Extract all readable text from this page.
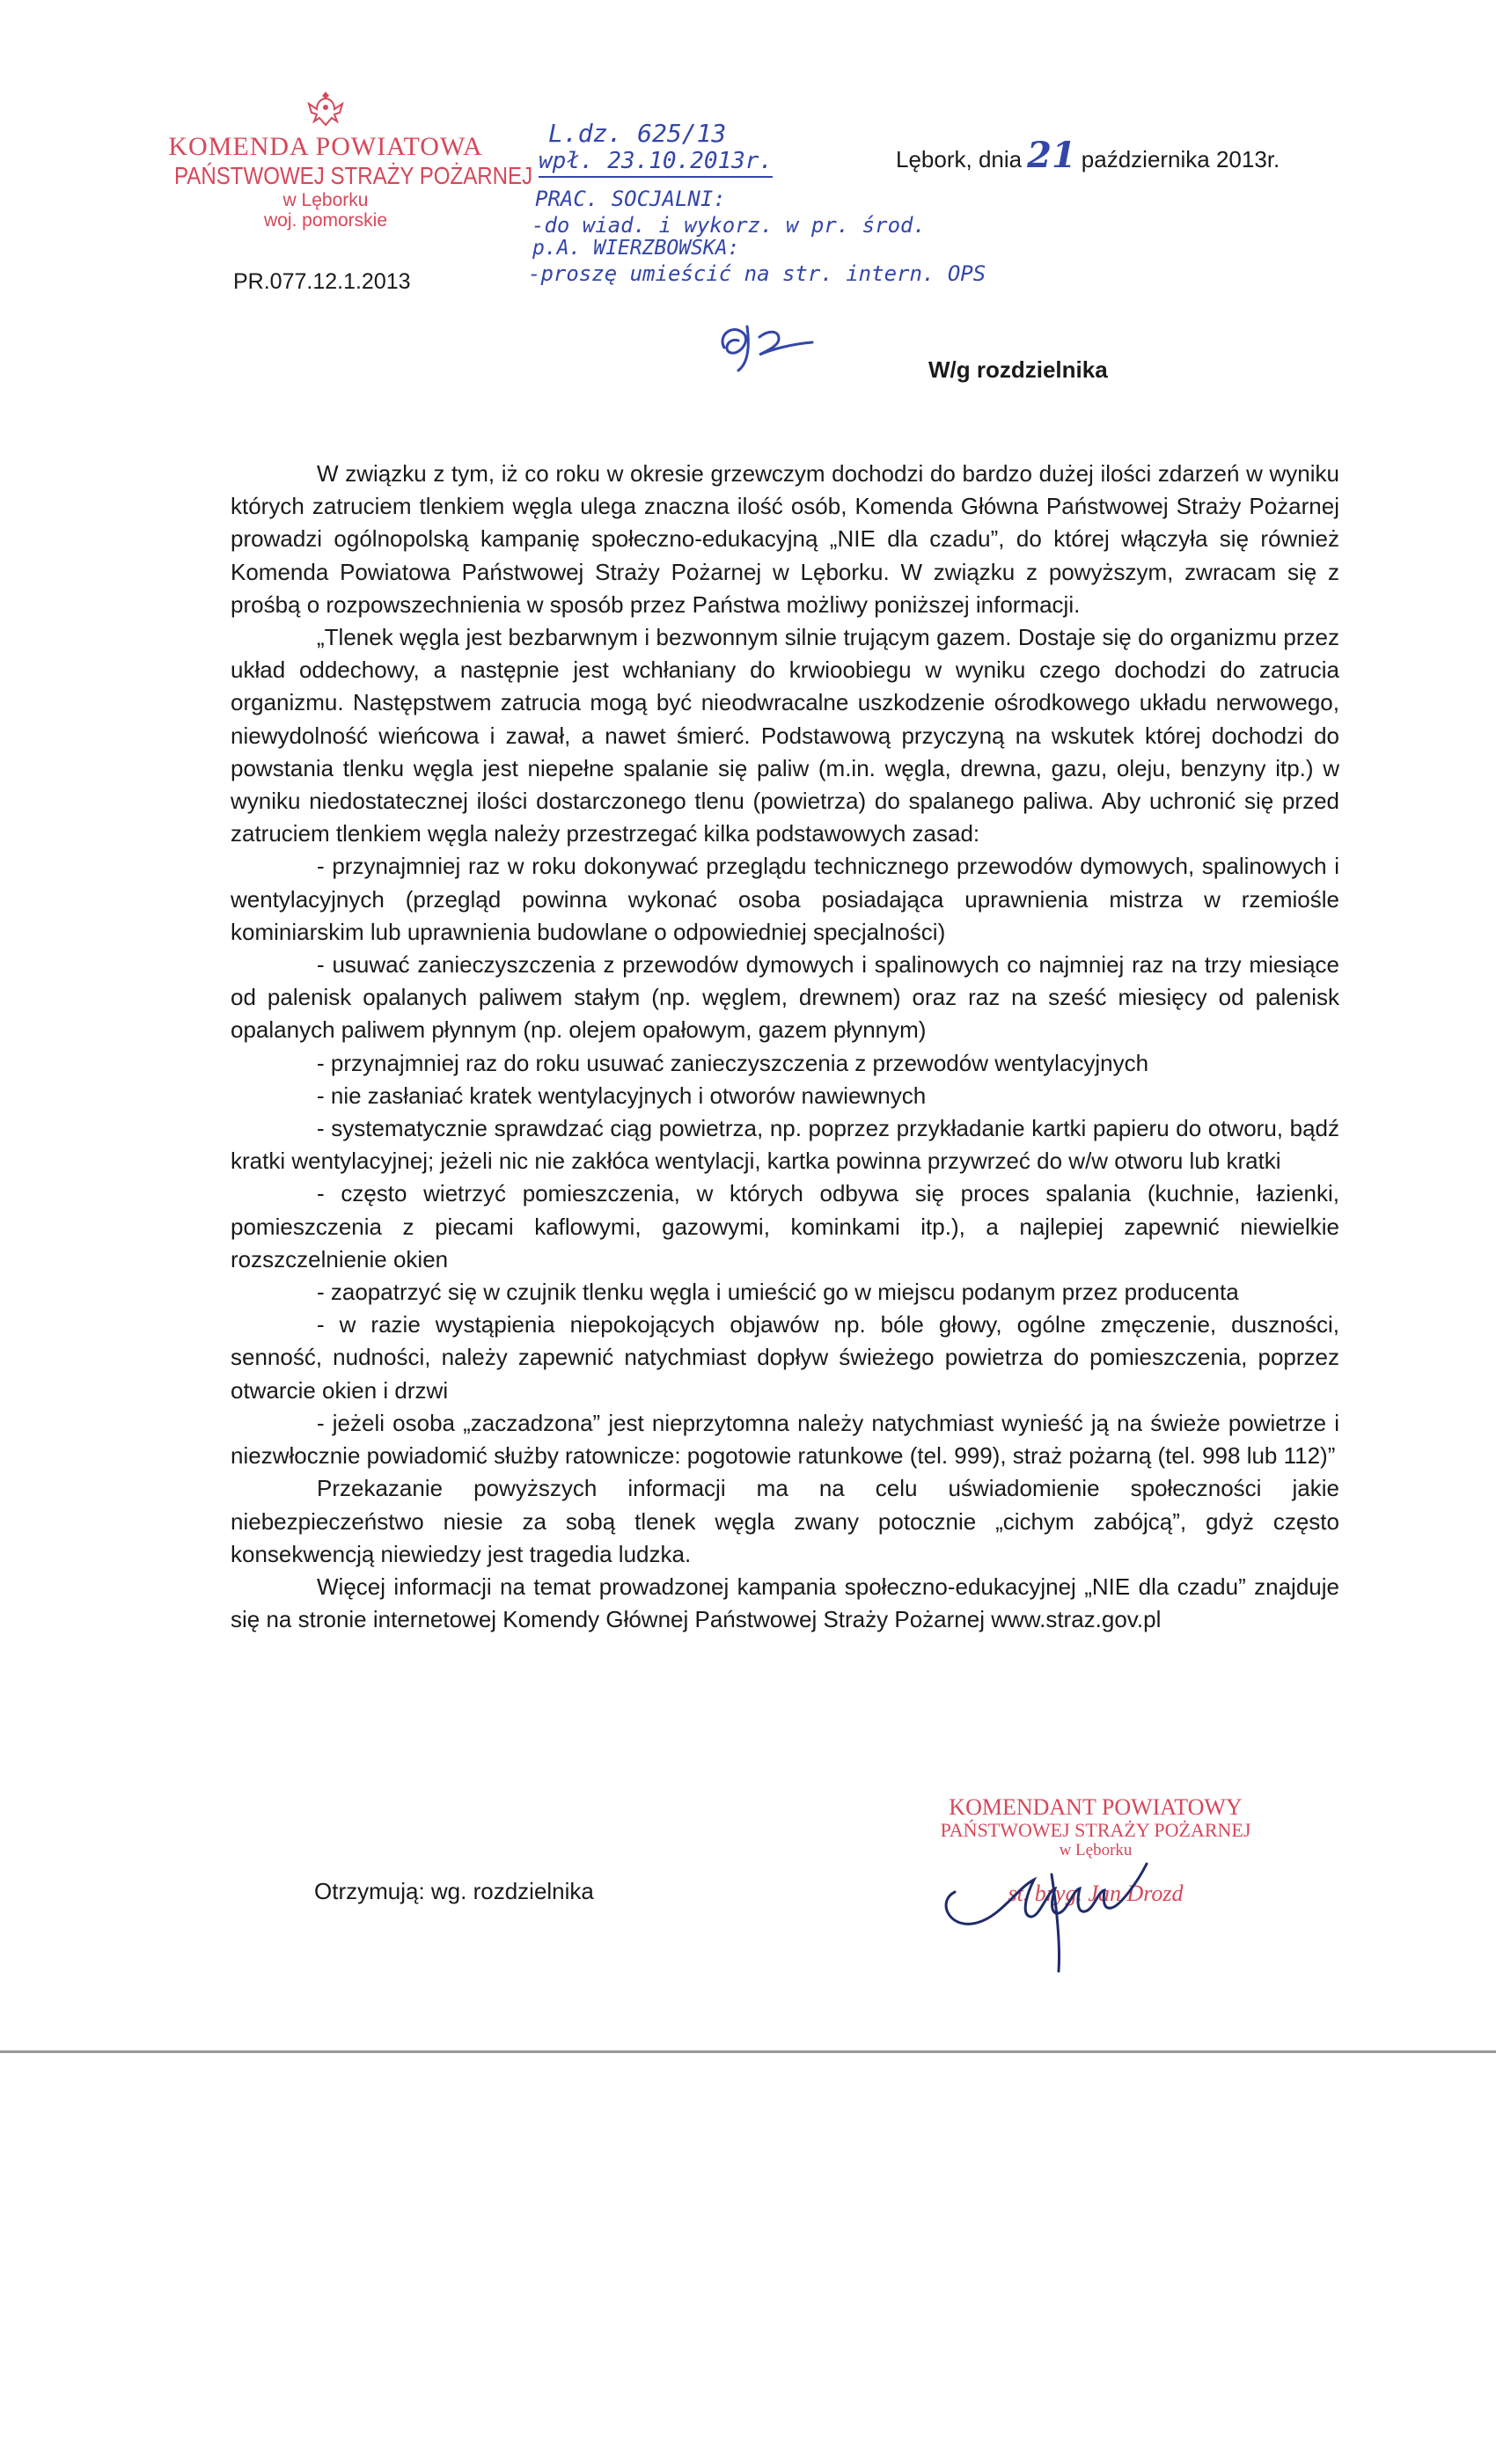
KOMENDA POWIATOWA
PAŃSTWOWEJ STRAŻY POŻARNEJ
w Lęborku
woj. pomorskie
PR.077.12.1.2013
Lębork, dnia 21 października 2013r.
L.dz. 625/13
wpł. 23.10.2013r.
PRAC. SOCJALNI:
-do wiad. i wykorz. w pr. środ.
p.A. WIERZBOWSKA:
-proszę umieścić na str. intern. OPS
W/g rozdzielnika

W związku z tym, iż co roku w okresie grzewczym dochodzi do bardzo dużej ilości zdarzeń w wyniku których zatruciem tlenkiem węgla ulega znaczna ilość osób, Komenda Główna Państwowej Straży Pożarnej prowadzi ogólnopolską kampanię społeczno-edukacyjną „NIE dla czadu”, do której włączyła się również Komenda Powiatowa Państwowej Straży Pożarnej w Lęborku. W związku z powyższym, zwracam się z prośbą o rozpowszechnienia w sposób przez Państwa możliwy poniższej informacji.

„Tlenek węgla jest bezbarwnym i bezwonnym silnie trującym gazem. Dostaje się do organizmu przez układ oddechowy, a następnie jest wchłaniany do krwioobiegu w wyniku czego dochodzi do zatrucia organizmu. Następstwem zatrucia mogą być nieodwracalne uszkodzenie ośrodkowego układu nerwowego, niewydolność wieńcowa i zawał, a nawet śmierć. Podstawową przyczyną na wskutek której dochodzi do powstania tlenku węgla jest niepełne spalanie się paliw (m.in. węgla, drewna, gazu, oleju, benzyny itp.) w wyniku niedostatecznej ilości dostarczonego tlenu (powietrza) do spalanego paliwa. Aby uchronić się przed zatruciem tlenkiem węgla należy przestrzegać kilka podstawowych zasad:

- przynajmniej raz w roku dokonywać przeglądu technicznego przewodów dymowych, spalinowych i wentylacyjnych (przegląd powinna wykonać osoba posiadająca uprawnienia mistrza w rzemiośle kominiarskim lub uprawnienia budowlane o odpowiedniej specjalności)

- usuwać zanieczyszczenia z przewodów dymowych i spalinowych co najmniej raz na trzy miesiące od palenisk opalanych paliwem stałym (np. węglem, drewnem) oraz raz na sześć miesięcy od palenisk opalanych paliwem płynnym (np. olejem opałowym, gazem płynnym)

- przynajmniej raz do roku usuwać zanieczyszczenia z przewodów wentylacyjnych

- nie zasłaniać kratek wentylacyjnych i otworów nawiewnych

- systematycznie sprawdzać ciąg powietrza, np. poprzez przykładanie kartki papieru do otworu, bądź kratki wentylacyjnej; jeżeli nic nie zakłóca wentylacji, kartka powinna przywrzeć do w/w otworu lub kratki

- często wietrzyć pomieszczenia, w których odbywa się proces spalania (kuchnie, łazienki, pomieszczenia z piecami kaflowymi, gazowymi, kominkami itp.), a najlepiej zapewnić niewielkie rozszczelnienie okien

- zaopatrzyć się w czujnik tlenku węgla i umieścić go w miejscu podanym przez producenta

- w razie wystąpienia niepokojących objawów np. bóle głowy, ogólne zmęczenie, duszności, senność, nudności, należy zapewnić natychmiast dopływ świeżego powietrza do pomieszczenia, poprzez otwarcie okien i drzwi

- jeżeli osoba „zaczadzona” jest nieprzytomna należy natychmiast wynieść ją na świeże powietrze i niezwłocznie powiadomić służby ratownicze: pogotowie ratunkowe (tel. 999), straż pożarną (tel. 998 lub 112)”

Przekazanie powyższych informacji ma na celu uświadomienie społeczności jakie niebezpieczeństwo niesie za sobą tlenek węgla zwany potocznie „cichym zabójcą”, gdyż często konsekwencją niewiedzy jest tragedia ludzka.

Więcej informacji na temat prowadzonej kampania społeczno-edukacyjnej „NIE dla czadu” znajduje się na stronie internetowej Komendy Głównej Państwowej Straży Pożarnej www.straz.gov.pl

Otrzymują: wg. rozdzielnika
KOMENDANT POWIATOWY
PAŃSTWOWEJ STRAŻY POŻARNEJ
w Lęborku
st. bryg. Jan Drozd
